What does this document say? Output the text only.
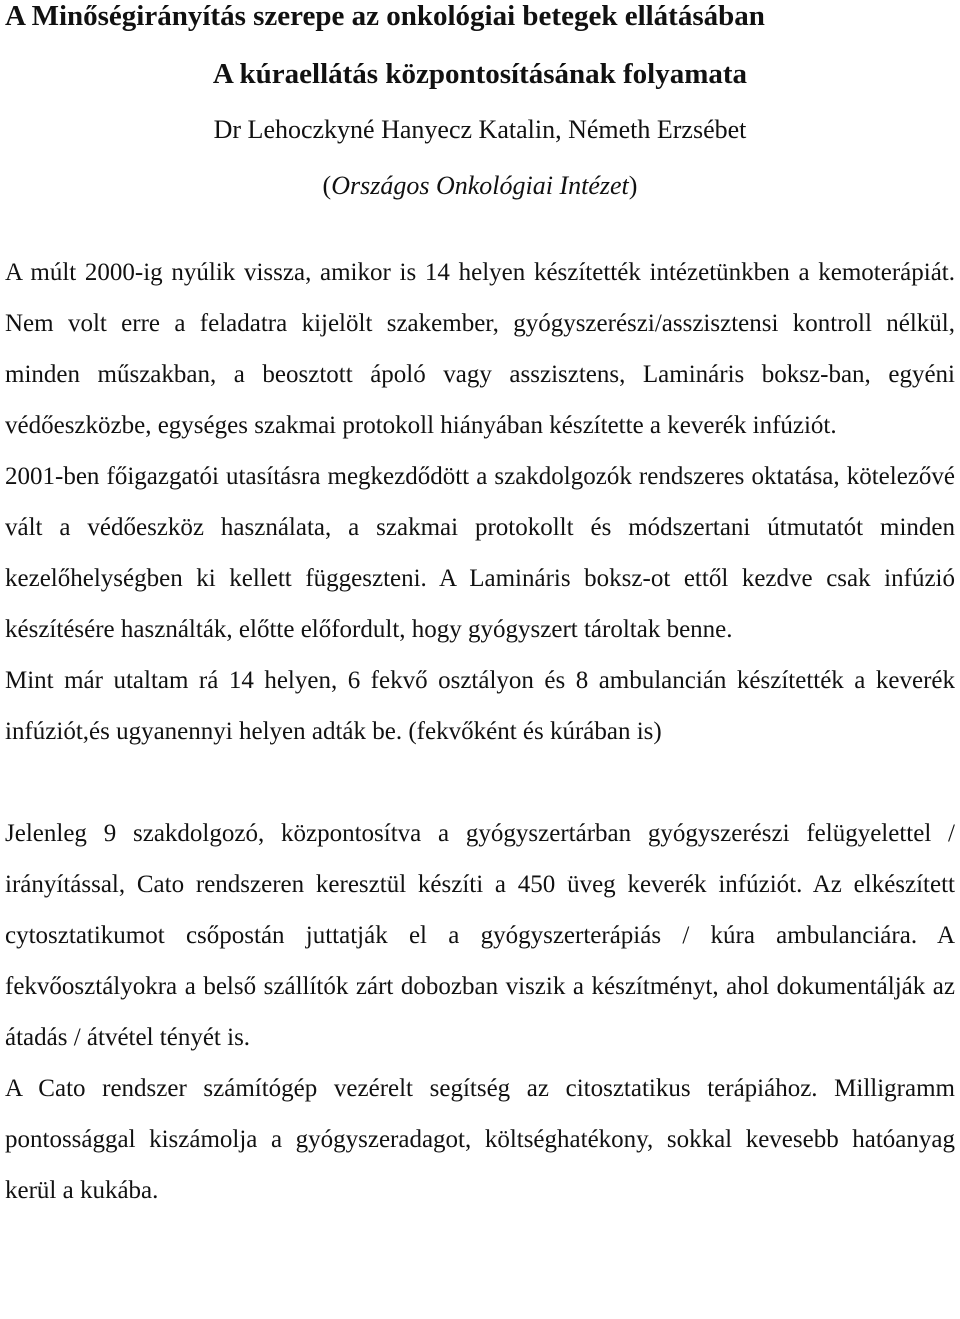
A Minőségirányítás szerepe az onkológiai betegek ellátásában
A kúraellátás központosításának folyamata
Dr Lehoczkyné Hanyecz Katalin, Németh Erzsébet
(Országos Onkológiai Intézet)

A múlt 2000-ig nyúlik vissza, amikor is 14 helyen készítették intézetünkben a kemoterápiát. Nem volt erre a feladatra kijelölt szakember, gyógyszerészi/asszisztensi kontroll nélkül, minden műszakban, a beosztott ápoló vagy asszisztens, Lamináris boksz-ban, egyéni védőeszközbe, egységes szakmai protokoll hiányában készítette a keverék infúziót.

2001-ben főigazgatói utasításra megkezdődött a szakdolgozók rendszeres oktatása, kötelezővé vált a védőeszköz használata, a szakmai protokollt és módszertani útmutatót minden kezelőhelységben ki kellett függeszteni. A Lamináris boksz-ot ettől kezdve csak infúzió készítésére használták, előtte előfordult, hogy gyógyszert tároltak benne.

Mint már utaltam rá 14 helyen, 6 fekvő osztályon és 8 ambulancián készítették a keverék infúziót,és ugyanennyi helyen adták be. (fekvőként és kúrában is)

Jelenleg 9 szakdolgozó, központosítva a gyógyszertárban gyógyszerészi felügyelettel / irányítással, Cato rendszeren keresztül készíti a 450 üveg keverék infúziót. Az elkészített cytosztatikumot csőpostán juttatják el a gyógyszerterápiás / kúra ambulanciára. A fekvőosztályokra a belső szállítók zárt dobozban viszik a készítményt, ahol dokumentálják az átadás / átvétel tényét is.

A Cato rendszer számítógép vezérelt segítség az citosztatikus terápiához. Milligramm pontossággal kiszámolja a gyógyszeradagot, költséghatékony, sokkal kevesebb hatóanyag kerül a kukába.
